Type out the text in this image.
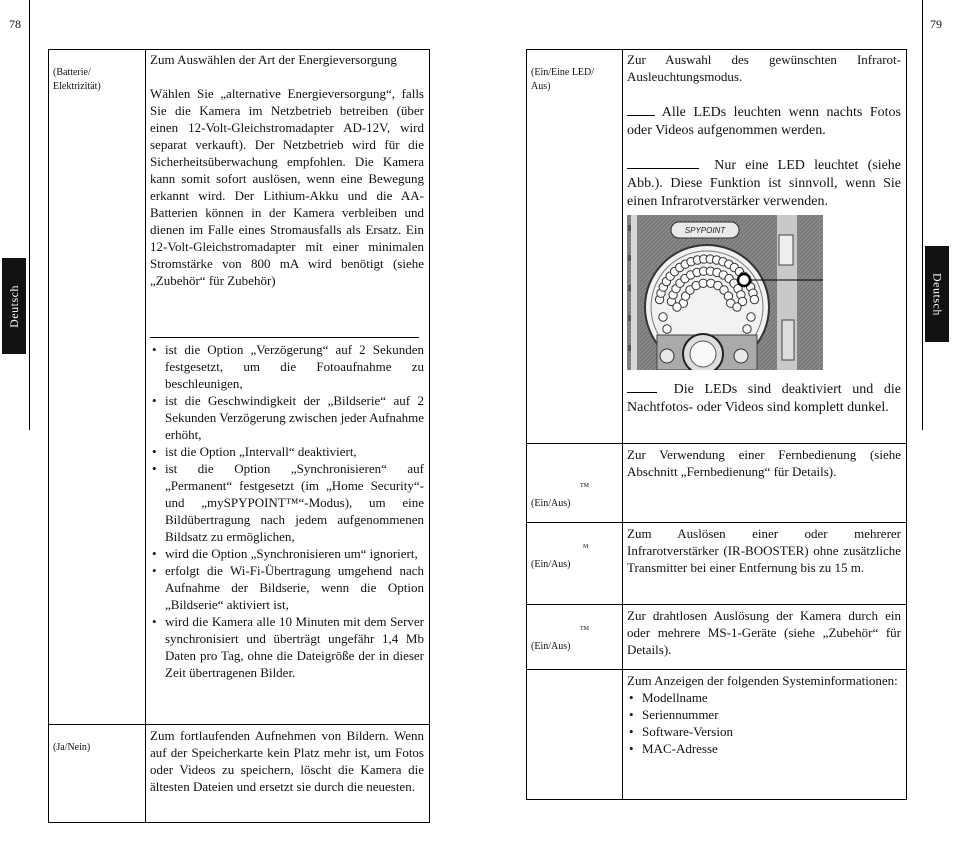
78
Deutsch
(Batterie/
Elektrizität)

Zum Auswählen der Art der Energieversorgung

Wählen Sie „alternative Energieversorgung“, falls Sie die Kamera im Netzbetrieb betreiben (über einen 12-Volt-Gleichstromadapter AD-12V, wird separat verkauft). Der Netzbetrieb wird für die Sicherheitsüberwachung empfohlen. Die Kamera kann somit sofort auslösen, wenn eine Bewegung erkannt wird. Der Lithium-Akku und die AA-Batterien können in der Kamera verbleiben und dienen im Falle eines Stromausfalls als Ersatz. Ein 12-Volt-Gleichstromadapter mit einer minimalen Stromstärke von 800 mA wird benötigt (siehe „Zubehör“ für Zubehör)

• ist die Option „Verzögerung“ auf 2 Sekunden festgesetzt, um die Fotoaufnahme zu beschleunigen,
• ist die Geschwindigkeit der „Bildserie“ auf 2 Sekunden Verzögerung zwischen jeder Aufnahme erhöht,
• ist die Option „Intervall“ deaktiviert,
• ist die Option „Synchronisieren“ auf „Permanent“ festgesetzt (im „Home Security“- und „mySPYPOINT™“-Modus), um eine Bildübertragung nach jedem aufgenommenen Bildsatz zu ermöglichen,
• wird die Option „Synchronisieren um“ ignoriert,
• erfolgt die Wi-Fi-Übertragung umgehend nach Aufnahme der Bildserie, wenn die Option „Bildserie“ aktiviert ist,
• wird die Kamera alle 10 Minuten mit dem Server synchronisiert und überträgt ungefähr 1,4 Mb Daten pro Tag, ohne die Dateigröße der in dieser Zeit übertragenen Bilder.
(Ja/Nein)
Zum fortlaufenden Aufnehmen von Bildern. Wenn auf der Speicherkarte kein Platz mehr ist, um Fotos oder Videos zu speichern, löscht die Kamera die ältesten Dateien und ersetzt sie durch die neuesten.
79
Deutsch
(Ein/Eine LED/
Aus)
Zur Auswahl des gewünschten Infrarot-Ausleuchtungsmodus.
Alle LEDs leuchten wenn nachts Fotos oder Videos aufgenommen werden.
Nur eine LED leuchtet (siehe Abb.). Diese Funktion ist sinnvoll, wenn Sie einen Infrarotverstärker verwenden.
SPYPOINT
Die LEDs sind deaktiviert und die Nachtfotos- oder Videos sind komplett dunkel.
TM
(Ein/Aus)
Zur Verwendung einer Fernbedienung (siehe Abschnitt „Fernbedienung“ für Details).
M
(Ein/Aus)
Zum Auslösen einer oder mehrerer Infrarotverstärker (IR-BOOSTER) ohne zusätzliche Transmitter bei einer Entfernung bis zu 15 m.
TM
(Ein/Aus)
Zur drahtlosen Auslösung der Kamera durch ein oder mehrere MS-1-Geräte (siehe „Zubehör“ für Details).

Zum Anzeigen der folgenden Systeminformationen:

• Modellname
• Seriennummer
• Software-Version
• MAC-Adresse
